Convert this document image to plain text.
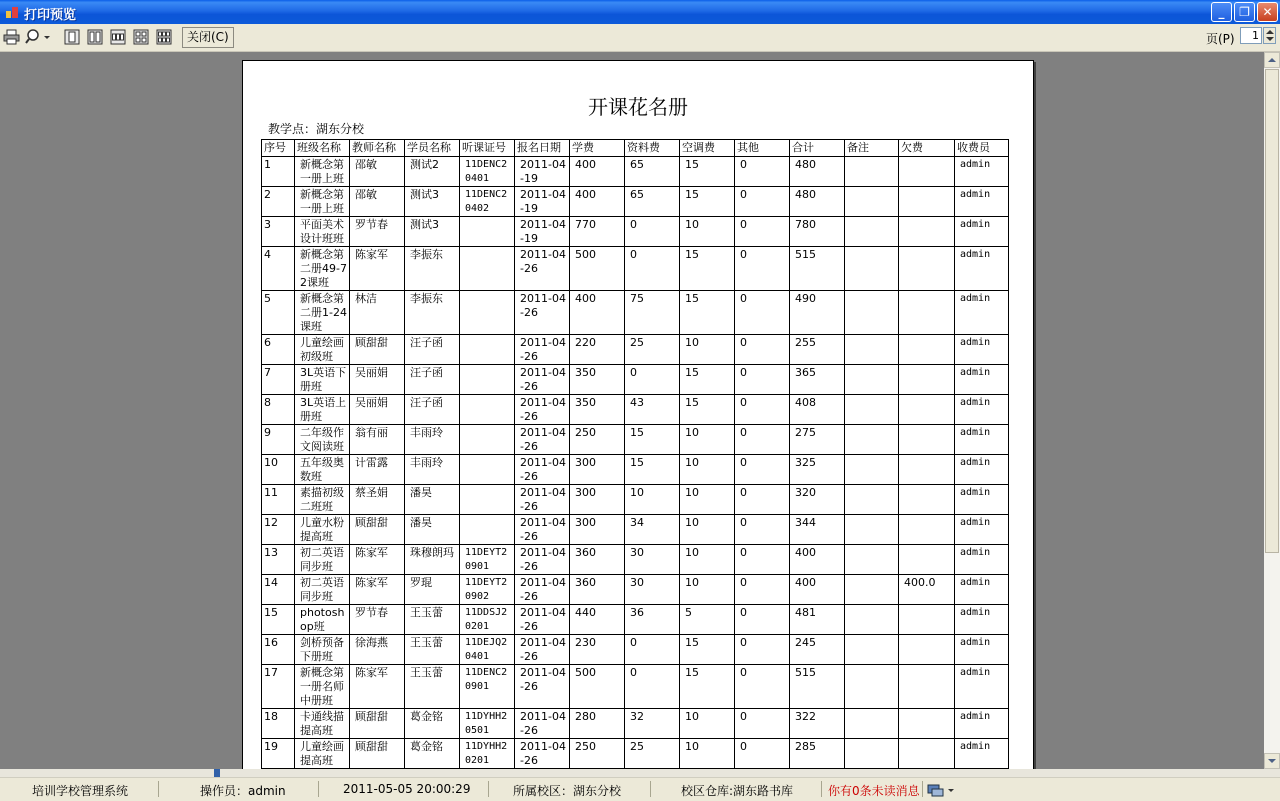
打印预览	_	❐	✕
关闭(C)	页(P)	1
开课花名册
教学点：湖东分校
序号	班级名称	教师名称	学员名称	听课证号	报名日期	学费	资料费	空调费	其他	合计	备注	欠费	收费员
1	新概念第一册上班	邵敏	测试2	11DENC20401	2011-04-19	400	65	15	0	480			admin
2	新概念第一册上班	邵敏	测试3	11DENC20402	2011-04-19	400	65	15	0	480			admin
3	平面美术设计班班	罗节春	测试3		2011-04-19	770	0	10	0	780			admin
4	新概念第二册49-72课班	陈家军	李振东		2011-04-26	500	0	15	0	515			admin
5	新概念第二册1-24课班	林洁	李振东		2011-04-26	400	75	15	0	490			admin
6	儿童绘画初级班	顾甜甜	汪子函		2011-04-26	220	25	10	0	255			admin
7	3L英语下册班	吴丽娟	汪子函		2011-04-26	350	0	15	0	365			admin
8	3L英语上册班	吴丽娟	汪子函		2011-04-26	350	43	15	0	408			admin
9	二年级作文阅读班	翁有丽	丰雨玲		2011-04-26	250	15	10	0	275			admin
10	五年级奥数班	计雷露	丰雨玲		2011-04-26	300	15	10	0	325			admin
11	素描初级二班班	蔡圣娟	潘昊		2011-04-26	300	10	10	0	320			admin
12	儿童水粉提高班	顾甜甜	潘昊		2011-04-26	300	34	10	0	344			admin
13	初二英语同步班	陈家军	珠穆朗玛	11DEYT20901	2011-04-26	360	30	10	0	400			admin
14	初二英语同步班	陈家军	罗琨	11DEYT20902	2011-04-26	360	30	10	0	400		400.0	admin
15	photoshop班	罗节春	王玉蕾	11DDSJ20201	2011-04-26	440	36	5	0	481			admin
16	剑桥预备下册班	徐海燕	王玉蕾	11DEJQ20401	2011-04-26	230	0	15	0	245			admin
17	新概念第一册名师中册班	陈家军	王玉蕾	11DENC20901	2011-04-26	500	0	15	0	515			admin
18	卡通线描提高班	顾甜甜	葛金铭	11DYHH20501	2011-04-26	280	32	10	0	322			admin
19	儿童绘画提高班	顾甜甜	葛金铭	11DYHH20201	2011-04-26	250	25	10	0	285			admin
培训学校管理系统	操作员：admin	2011-05-05 20:00:29	所属校区：湖东分校	校区仓库:湖东路书库	你有0条未读消息
